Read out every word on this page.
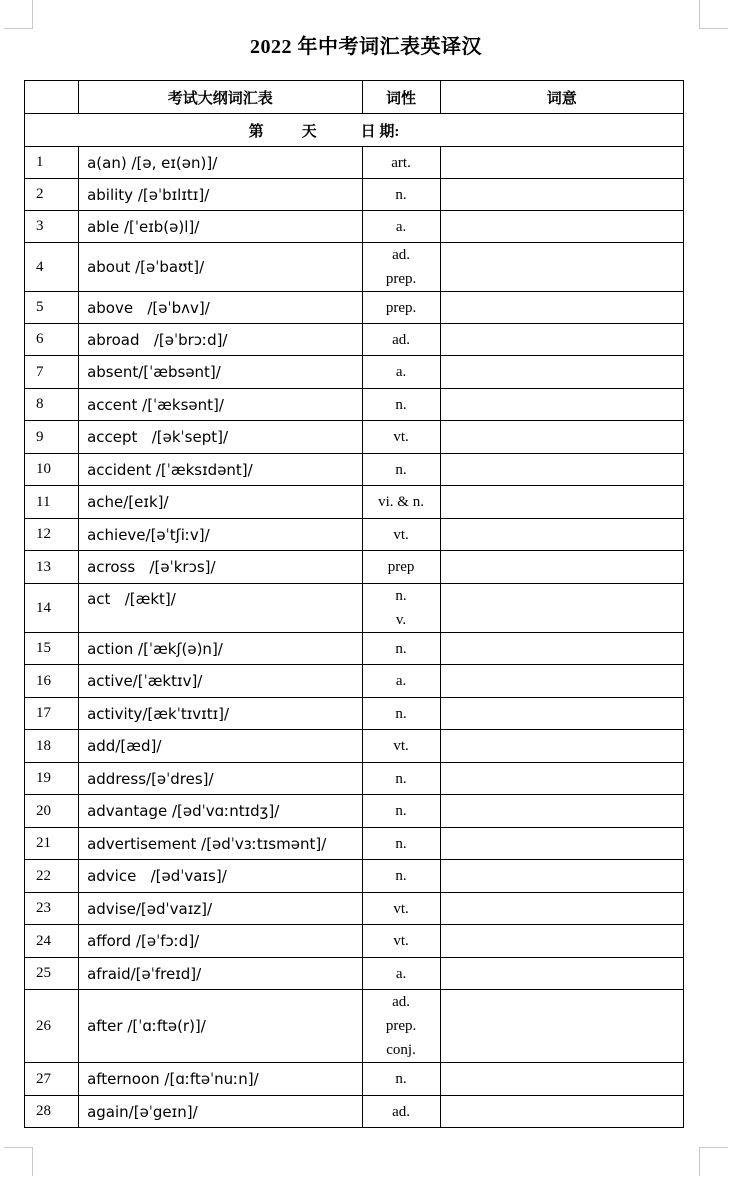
2022 年中考词汇表英译汉
	考试大纲词汇表	词性	词意
第 天 日 期:			
1	a(an) /[ə, eɪ(ən)]/	art.	

2	ability /[əˈbɪlɪtɪ]/	n.	

3	able /[ˈeɪb(ə)l]/	a.	

4	about /[əˈbaʊt]/	ad.
prep.	

5	above   /[əˈbʌv]/	prep.	

6	abroad   /[əˈbrɔːd]/	ad.	

7	absent/[ˈæbsənt]/	a.	

8	accent /[ˈæksənt]/	n.	

9	accept   /[əkˈsept]/	vt.	

10	accident /[ˈæksɪdənt]/	n.	

11	ache/[eɪk]/	vi. & n.	

12	achieve/[əˈtʃiːv]/	vt.	

13	across   /[əˈkrɔs]/	prep	

14	act   /[ækt]/	n.
v.	

15	action /[ˈækʃ(ə)n]/	n.	

16	active/[ˈæktɪv]/	a.	

17	activity/[ækˈtɪvɪtɪ]/	n.	

18	add/[æd]/	vt.	

19	address/[əˈdres]/	n.	

20	advantage /[ədˈvɑːntɪdʒ]/	n.	

21	advertisement /[ədˈvɜːtɪsmənt]/	n.	

22	advice   /[ədˈvaɪs]/	n.	

23	advise/[ədˈvaɪz]/	vt.	

24	afford /[əˈfɔːd]/	vt.	

25	afraid/[əˈfreɪd]/	a.	

26	after /[ˈɑːftə(r)]/	ad.
prep.
conj.	

27	afternoon /[ɑːftəˈnuːn]/	n.	

28	again/[əˈgeɪn]/	ad.	
